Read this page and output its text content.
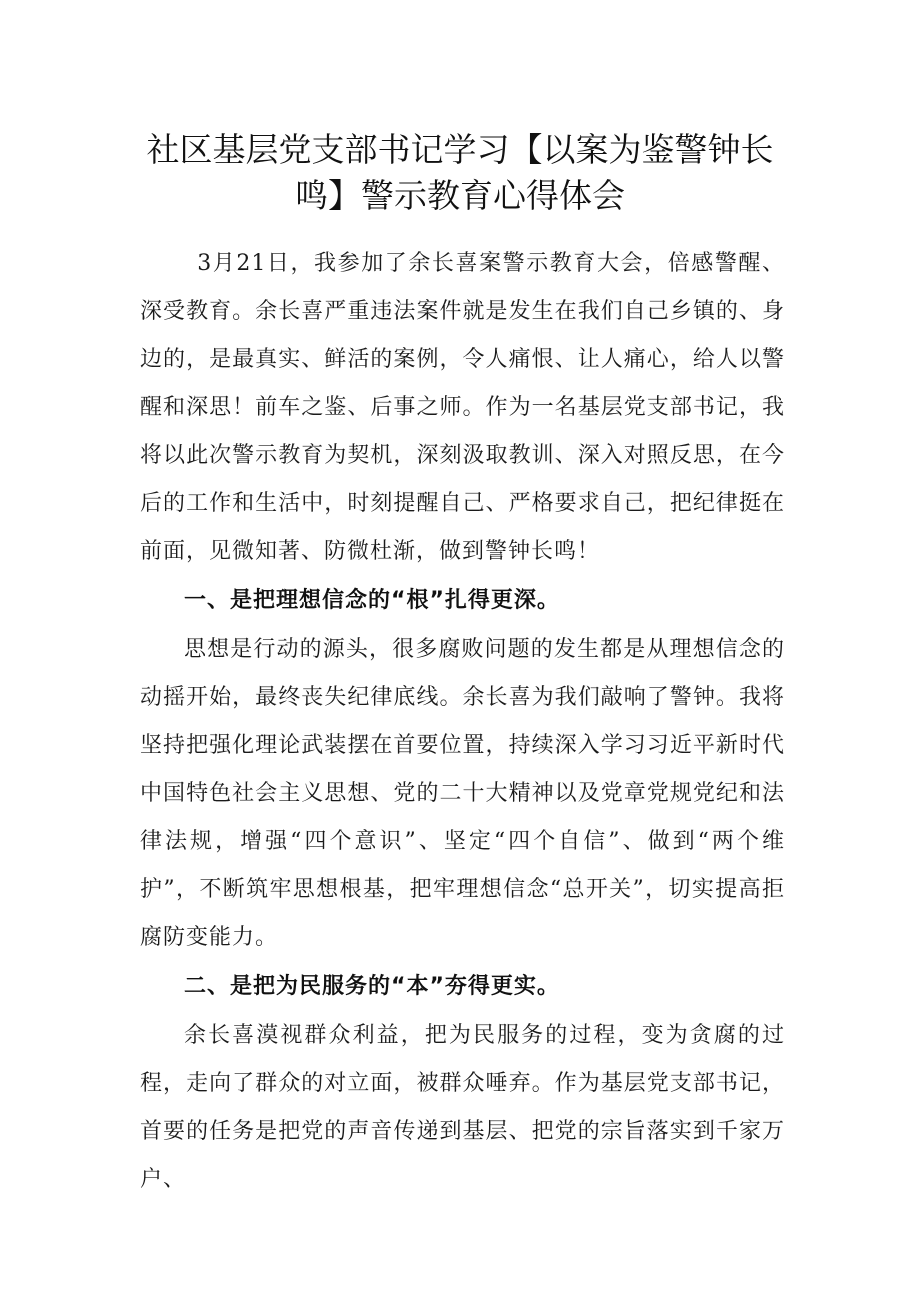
社区基层党支部书记学习【以案为鉴警钟长
鸣】警示教育心得体会

3月21日，我参加了余长喜案警示教育大会，倍感警醒、深受教育。余长喜严重违法案件就是发生在我们自己乡镇的、身边的，是最真实、鲜活的案例，令人痛恨、让人痛心，给人以警醒和深思！前车之鉴、后事之师。作为一名基层党支部书记，我将以此次警示教育为契机，深刻汲取教训、深入对照反思，在今后的工作和生活中，时刻提醒自己、严格要求自己，把纪律挺在前面，见微知著、防微杜渐，做到警钟长鸣！

一、是把理想信念的“根”扎得更深。

思想是行动的源头，很多腐败问题的发生都是从理想信念的动摇开始，最终丧失纪律底线。余长喜为我们敲响了警钟。我将坚持把强化理论武装摆在首要位置，持续深入学习习近平新时代中国特色社会主义思想、党的二十大精神以及党章党规党纪和法律法规，增强“四个意识”、坚定“四个自信”、做到“两个维护”，不断筑牢思想根基，把牢理想信念“总开关”，切实提高拒腐防变能力。

二、是把为民服务的“本”夯得更实。

余长喜漠视群众利益，把为民服务的过程，变为贪腐的过程，走向了群众的对立面，被群众唾弃。作为基层党支部书记，首要的任务是把党的声音传递到基层、把党的宗旨落实到千家万户、
